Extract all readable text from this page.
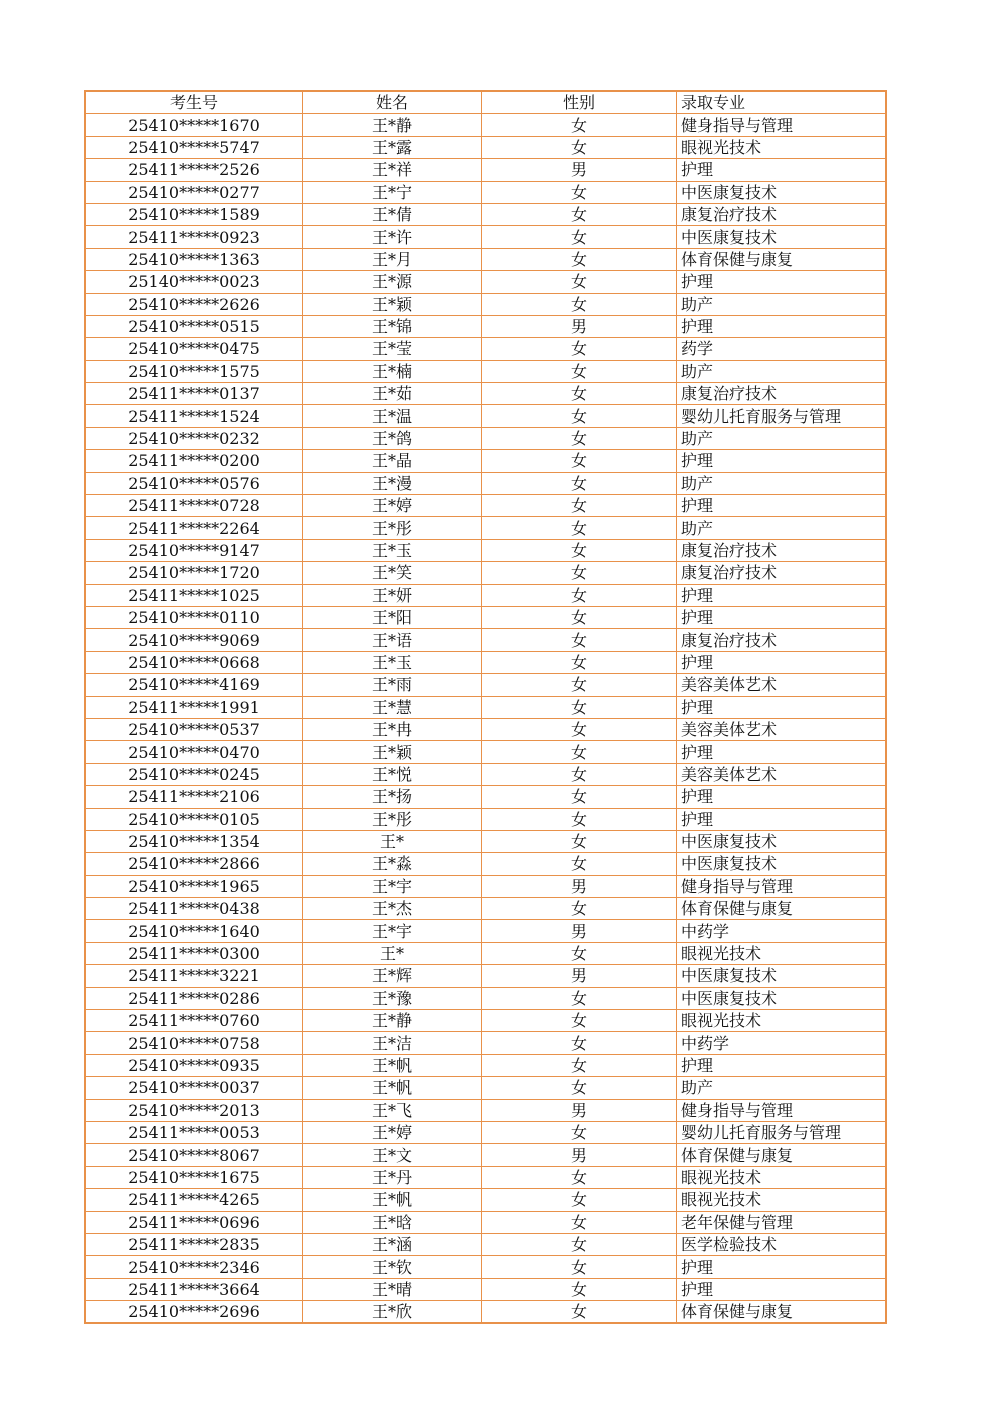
考生号	姓名	性别	录取专业
25410*****1670	王*静	女	健身指导与管理
25410*****5747	王*露	女	眼视光技术
25411*****2526	王*祥	男	护理
25410*****0277	王*宁	女	中医康复技术
25410*****1589	王*倩	女	康复治疗技术
25411*****0923	王*许	女	中医康复技术
25410*****1363	王*月	女	体育保健与康复
25140*****0023	王*源	女	护理
25410*****2626	王*颖	女	助产
25410*****0515	王*锦	男	护理
25410*****0475	王*莹	女	药学
25410*****1575	王*楠	女	助产
25411*****0137	王*茹	女	康复治疗技术
25411*****1524	王*温	女	婴幼儿托育服务与管理
25410*****0232	王*鸽	女	助产
25411*****0200	王*晶	女	护理
25410*****0576	王*漫	女	助产
25411*****0728	王*婷	女	护理
25411*****2264	王*彤	女	助产
25410*****9147	王*玉	女	康复治疗技术
25410*****1720	王*笑	女	康复治疗技术
25411*****1025	王*妍	女	护理
25410*****0110	王*阳	女	护理
25410*****9069	王*语	女	康复治疗技术
25410*****0668	王*玉	女	护理
25410*****4169	王*雨	女	美容美体艺术
25411*****1991	王*慧	女	护理
25410*****0537	王*冉	女	美容美体艺术
25410*****0470	王*颖	女	护理
25410*****0245	王*悦	女	美容美体艺术
25411*****2106	王*扬	女	护理
25410*****0105	王*彤	女	护理
25410*****1354	王*	女	中医康复技术
25410*****2866	王*淼	女	中医康复技术
25410*****1965	王*宇	男	健身指导与管理
25411*****0438	王*杰	女	体育保健与康复
25410*****1640	王*宇	男	中药学
25411*****0300	王*	女	眼视光技术
25411*****3221	王*辉	男	中医康复技术
25411*****0286	王*豫	女	中医康复技术
25411*****0760	王*静	女	眼视光技术
25410*****0758	王*洁	女	中药学
25410*****0935	王*帆	女	护理
25410*****0037	王*帆	女	助产
25410*****2013	王*飞	男	健身指导与管理
25411*****0053	王*婷	女	婴幼儿托育服务与管理
25410*****8067	王*文	男	体育保健与康复
25410*****1675	王*丹	女	眼视光技术
25411*****4265	王*帆	女	眼视光技术
25411*****0696	王*晗	女	老年保健与管理
25411*****2835	王*涵	女	医学检验技术
25410*****2346	王*钦	女	护理
25411*****3664	王*晴	女	护理
25410*****2696	王*欣	女	体育保健与康复
